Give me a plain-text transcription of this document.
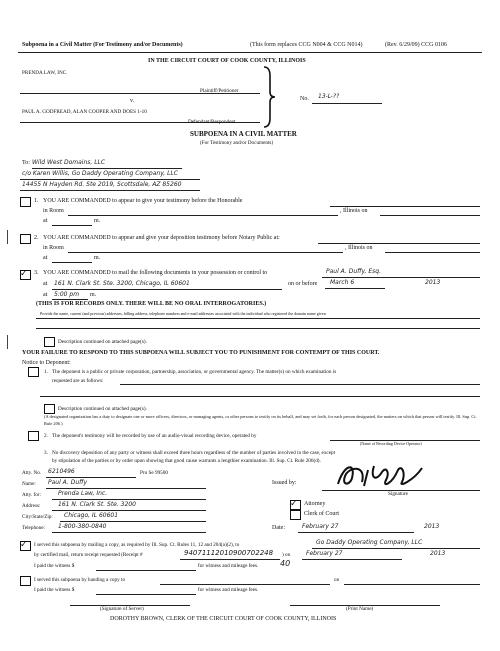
Subpoena in a Civil Matter (For Testimony and/or Documents)	(This form replaces CCG N004 & CCG N014)	(Rev. 6/29/09) CCG 0106
IN THE CIRCUIT COURT OF COOK COUNTY, ILLINOIS
PRENDA LAW, INC.
Plaintiff/Petitioner
v.
PAUL A. GODFREAD, ALAN COOPER AND DOES 1-10
Defendant/Respondent
No. 13-L-??
SUBPOENA IN A CIVIL MATTER
(For Testimony and/or Documents)
To: Wild West Domains, LLC
c/o Karen Willis, Go Daddy Operating Company, LLC
14455 N Hayden Rd. Ste 2019, Scottsdale, AZ 85260
1. YOU ARE COMMANDED to appear to give your testimony before the Honorable
in Room	, Illinois on
at	m.
2. YOU ARE COMMANDED to appear and give your deposition testimony before Notary Public at:
in Room	, Illinois on
at	m.
✓ 3. YOU ARE COMMANDED to mail the following documents in your possession or control to	Paul A. Duffy, Esq.
at 161 N. Clark St. Ste. 3200, Chicago, IL 60601	on or before March 6	2013
at 5:00 pm m.
(THIS IS FOR RECORDS ONLY. THERE WILL BE NO ORAL INTERROGATORIES.)
Provide the name, current (and previous) addresses, billing address, telephone numbers and e-mail addresses associated with the individual who registered the domain name given
Description continued on attached page(s).
YOUR FAILURE TO RESPOND TO THIS SUBPOENA WILL SUBJECT YOU TO PUNISHMENT FOR CONTEMPT OF THIS COURT.
Notice to Deponent:
1. The deponent is a public or private corporation, partnership, association, or governmental agency. The matter(s) on which examination is
requested are as follows:
Description continued on attached page(s).
(A designated organization has a duty to designate one or more officers, directors, or managing agents, or other persons to testify on its behalf, and may set forth, for each person designated, the matters on which that person will testify. Ill. Sup. Ct. Rule 206.)
2. The deponent's testimony will be recorded by use of an audio-visual recording device, operated by
(Name of Recording Device Operator)
3. No discovery deposition of any party or witness shall exceed three hours regardless of the number of parties involved in the case, except
by stipulation of the parties or by order upon showing that good cause warrants a lengthier examination. Ill. Sup. Ct. Rule 206(d).
Atty. No. 6210496	Pro Se 99500
Name: Paul A. Duffy
Atty. for:	Prenda Law, Inc.
Address:	161 N. Clark St. Ste. 3200
City/State/Zip: Chicago, IL 60601
Telephone: 1-800-380-0840
Issued by:
Signature
✓ Attorney
Clerk of Court
Date:	February 27	2013
✓ I served this subpoena by mailing a copy, as required by Ill. Sup. Ct. Rules 11, 12 and 204(a)(2), to	Go Daddy Operating Company, LLC
by certified mail, return receipt requested (Receipt #	94071112010900702248 ) on	February 27	2013
I paid the witness $	for witness and mileage fees.	40
I served this subpoena by handing a copy to	on
I paid the witness $	for witness and mileage fees.
(Signature of Server)	(Print Name)
DOROTHY BROWN, CLERK OF THE CIRCUIT COURT OF COOK COUNTY, ILLINOIS
